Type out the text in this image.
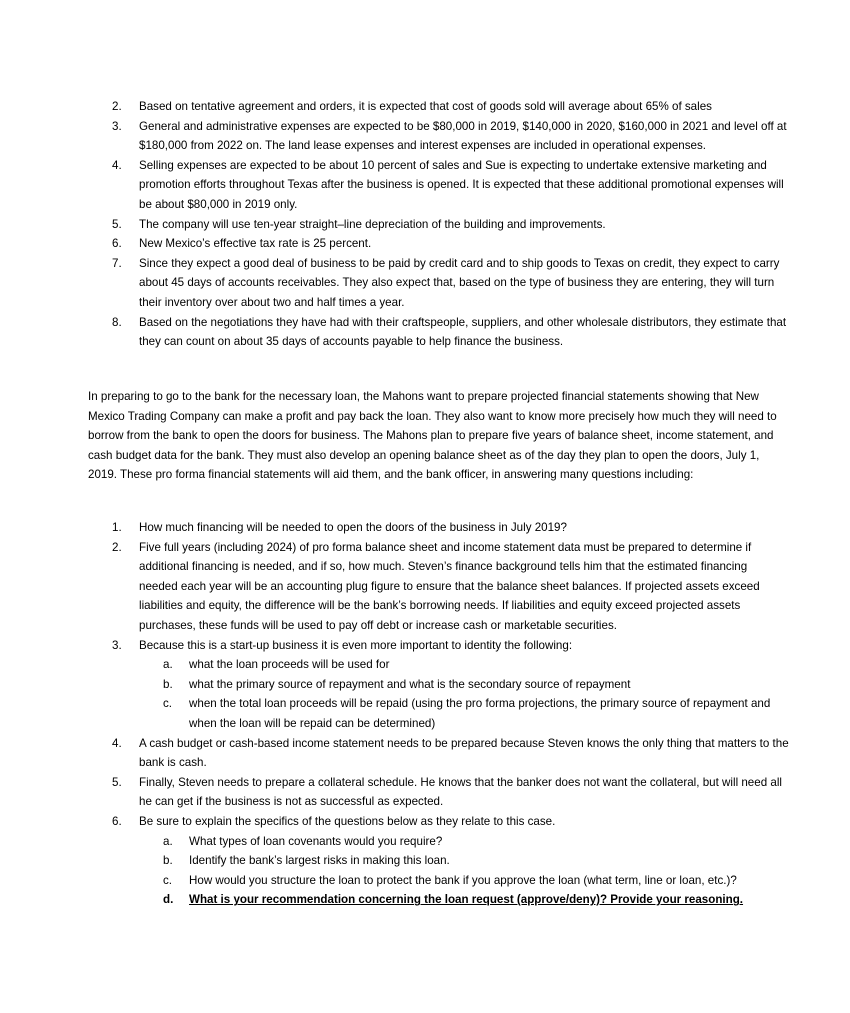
2.	Based on tentative agreement and orders, it is expected that cost of goods sold will average about 65% of sales
3.	General and administrative expenses are expected to be $80,000 in 2019, $140,000 in 2020, $160,000 in 2021 and level off at $180,000 from 2022 on. The land lease expenses and interest expenses are included in operational expenses.
4.	Selling expenses are expected to be about 10 percent of sales and Sue is expecting to undertake extensive marketing and promotion efforts throughout Texas after the business is opened. It is expected that these additional promotional expenses will be about $80,000 in 2019 only.
5.	The company will use ten-year straight–line depreciation of the building and improvements.
6.	New Mexico’s effective tax rate is 25 percent.
7.	Since they expect a good deal of business to be paid by credit card and to ship goods to Texas on credit, they expect to carry about 45 days of accounts receivables. They also expect that, based on the type of business they are entering, they will turn their inventory over about two and half times a year.
8.	Based on the negotiations they have had with their craftspeople, suppliers, and other wholesale distributors, they estimate that they can count on about 35 days of accounts payable to help finance the business.

In preparing to go to the bank for the necessary loan, the Mahons want to prepare projected financial statements showing that New Mexico Trading Company can make a profit and pay back the loan. They also want to know more precisely how much they will need to borrow from the bank to open the doors for business. The Mahons plan to prepare five years of balance sheet, income statement, and cash budget data for the bank. They must also develop an opening balance sheet as of the day they plan to open the doors, July 1, 2019. These pro forma financial statements will aid them, and the bank officer, in answering many questions including:

1.	How much financing will be needed to open the doors of the business in July 2019?
2.	Five full years (including 2024) of pro forma balance sheet and income statement data must be prepared to determine if additional financing is needed, and if so, how much. Steven’s finance background tells him that the estimated financing needed each year will be an accounting plug figure to ensure that the balance sheet balances. If projected assets exceed liabilities and equity, the difference will be the bank’s borrowing needs. If liabilities and equity exceed projected assets purchases, these funds will be used to pay off debt or increase cash or marketable securities.
3.	Because this is a start-up business it is even more important to identity the following:
a.	what the loan proceeds will be used for
b.	what the primary source of repayment and what is the secondary source of repayment
c.	when the total loan proceeds will be repaid (using the pro forma projections, the primary source of repayment and when the loan will be repaid can be determined)
4.	A cash budget or cash-based income statement needs to be prepared because Steven knows the only thing that matters to the bank is cash.
5.	Finally, Steven needs to prepare a collateral schedule. He knows that the banker does not want the collateral, but will need all he can get if the business is not as successful as expected.
6.	Be sure to explain the specifics of the questions below as they relate to this case.
a.	What types of loan covenants would you require?
b.	Identify the bank’s largest risks in making this loan.
c.	How would you structure the loan to protect the bank if you approve the loan (what term, line or loan, etc.)?
d.	What is your recommendation concerning the loan request (approve/deny)? Provide your reasoning.
